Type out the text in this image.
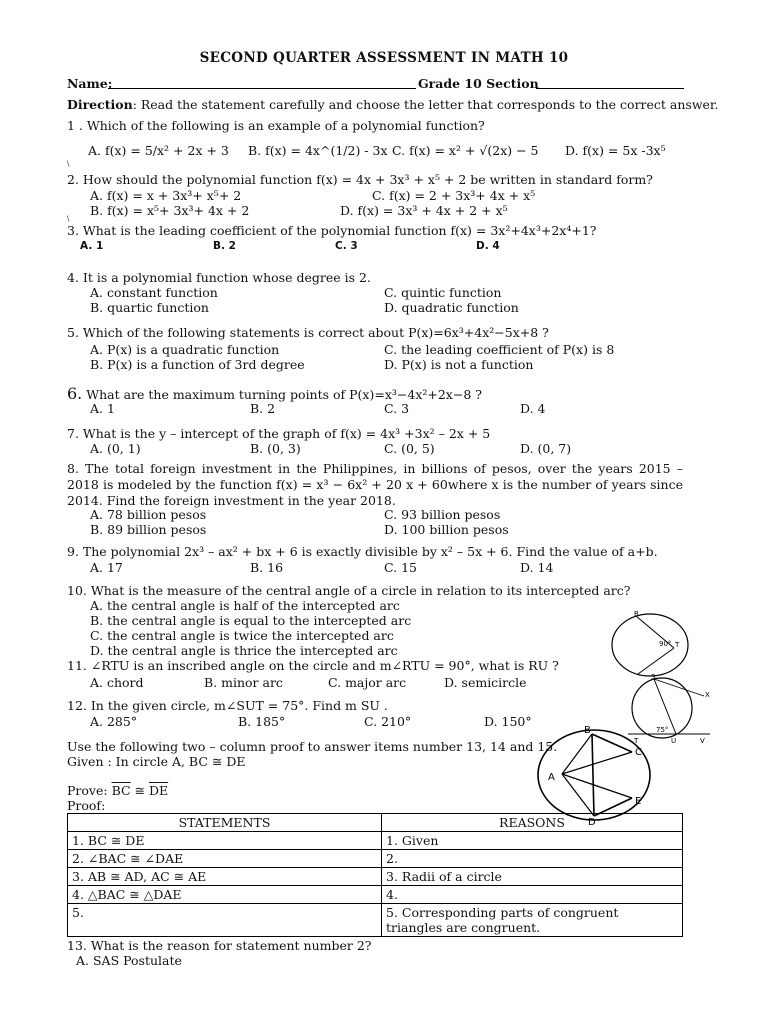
SECOND QUARTER ASSESSMENT IN MATH 10
Name:	Grade 10 Section
Direction: Read the statement carefully and choose the letter that corresponds to the correct answer.
1 . Which of the following is an example of a polynomial function?
A. f(x) = 5/x² + 2x + 3 B. f(x) = 4x^(1/2) - 3x C. f(x) = x² + √(2x) − 5 D. f(x) = 5x -3x⁵
\
2. How should the polynomial function f(x) = 4x + 3x³ + x⁵ + 2 be written in standard form?
A. f(x) = x + 3x³+ x⁵+ 2	C. f(x) = 2 + 3x³+ 4x + x⁵
B. f(x) = x⁵+ 3x³+ 4x + 2	D. f(x) = 3x³ + 4x + 2 + x⁵
\
3. What is the leading coefficient of the polynomial function f(x) = 3x²+4x³+2x⁴+1?
A. 1	B. 2	C. 3	D. 4
4. It is a polynomial function whose degree is 2.
A. constant function	C. quintic function
B. quartic function	D. quadratic function
5. Which of the following statements is correct about P(x)=6x³+4x²−5x+8 ?
A. P(x) is a quadratic function	C. the leading coefficient of P(x) is 8
B. P(x) is a function of 3rd degree	D. P(x) is not a function
6. What are the maximum turning points of P(x)=x³−4x²+2x−8 ?
A. 1	B. 2	C. 3	D. 4
7. What is the y – intercept of the graph of f(x) = 4x³ +3x² – 2x + 5
A. (0, 1)	B. (0, 3)	C. (0, 5)	D. (0, 7)
8. The total foreign investment in the Philippines, in billions of pesos, over the years 2015 – 2018 is modeled by the function f(x) = x³ − 6x² + 20 x + 60where x is the number of years since 2014. Find the foreign investment in the year 2018.
A. 78 billion pesos	C. 93 billion pesos
B. 89 billion pesos	D. 100 billion pesos
9. The polynomial 2x³ – ax² + bx + 6 is exactly divisible by x² – 5x + 6. Find the value of a+b.
A. 17	B. 16	C. 15	D. 14
10. What is the measure of the central angle of a circle in relation to its intercepted arc?
A. the central angle is half of the intercepted arc
B. the central angle is equal to the intercepted arc
C. the central angle is twice the intercepted arc
D. the central angle is thrice the intercepted arc
11. ∠RTU is an inscribed angle on the circle and m∠RTU = 90°, what is RU ?
A. chord	B. minor arc	C. major arc	D. semicircle
12. In the given circle, m∠SUT = 75°. Find m SU .
A. 285°	B. 185°	C. 210°	D. 150°
Use the following two – column proof to answer items number 13, 14 and 15.
Given : In circle A, BC ≅ DE
Prove: $\overline{BC}$ ≅ $\overline{DE}$
Proof:
STATEMENTS	REASONS
1. BC ≅ DE	1. Given
2. ∠BAC ≅ ∠DAE	2.
3. AB ≅ AD, AC ≅ AE	3. Radii of a circle
4. △BAC ≅ △DAE	4.
5.	5. Corresponding parts of congruent triangles are congruent.
13. What is the reason for statement number 2?
A. SAS Postulate
R
90° T
S
X
75°
T	U	V
B
C
A
E
D
